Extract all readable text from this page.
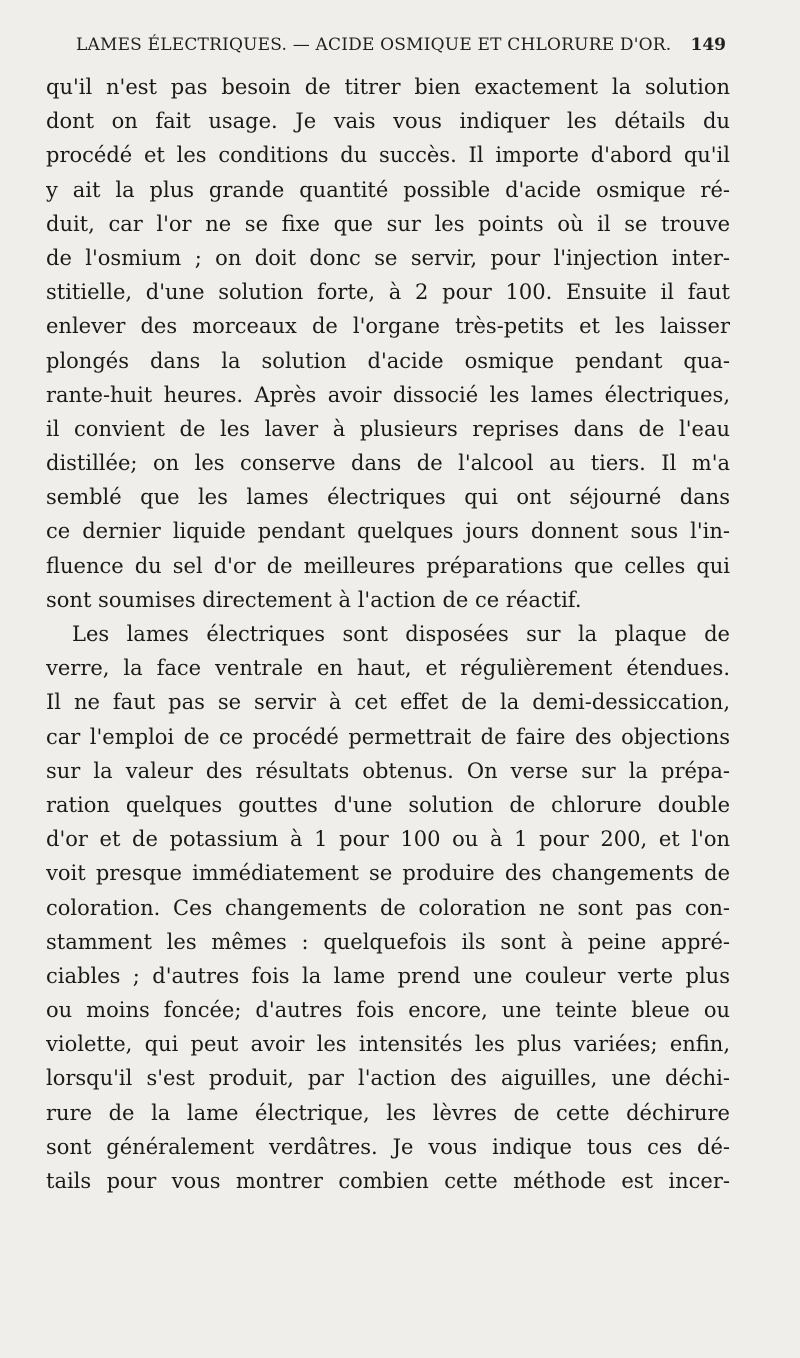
LAMES ÉLECTRIQUES. — ACIDE OSMIQUE ET CHLORURE D'OR. 149
qu'il n'est pas besoin de titrer bien exactement la solution
dont on fait usage. Je vais vous indiquer les détails du
procédé et les conditions du succès. Il importe d'abord qu'il
y ait la plus grande quantité possible d'acide osmique ré-
duit, car l'or ne se fixe que sur les points où il se trouve
de l'osmium ; on doit donc se servir, pour l'injection inter-
stitielle, d'une solution forte, à 2 pour 100. Ensuite il faut
enlever des morceaux de l'organe très-petits et les laisser
plongés dans la solution d'acide osmique pendant qua-
rante-huit heures. Après avoir dissocié les lames électriques,
il convient de les laver à plusieurs reprises dans de l'eau
distillée; on les conserve dans de l'alcool au tiers. Il m'a
semblé que les lames électriques qui ont séjourné dans
ce dernier liquide pendant quelques jours donnent sous l'in-
fluence du sel d'or de meilleures préparations que celles qui
sont soumises directement à l'action de ce réactif.
Les lames électriques sont disposées sur la plaque de
verre, la face ventrale en haut, et régulièrement étendues.
Il ne faut pas se servir à cet effet de la demi-dessiccation,
car l'emploi de ce procédé permettrait de faire des objections
sur la valeur des résultats obtenus. On verse sur la prépa-
ration quelques gouttes d'une solution de chlorure double
d'or et de potassium à 1 pour 100 ou à 1 pour 200, et l'on
voit presque immédiatement se produire des changements de
coloration. Ces changements de coloration ne sont pas con-
stamment les mêmes : quelquefois ils sont à peine appré-
ciables ; d'autres fois la lame prend une couleur verte plus
ou moins foncée; d'autres fois encore, une teinte bleue ou
violette, qui peut avoir les intensités les plus variées; enfin,
lorsqu'il s'est produit, par l'action des aiguilles, une déchi-
rure de la lame électrique, les lèvres de cette déchirure
sont généralement verdâtres. Je vous indique tous ces dé-
tails pour vous montrer combien cette méthode est incer-
